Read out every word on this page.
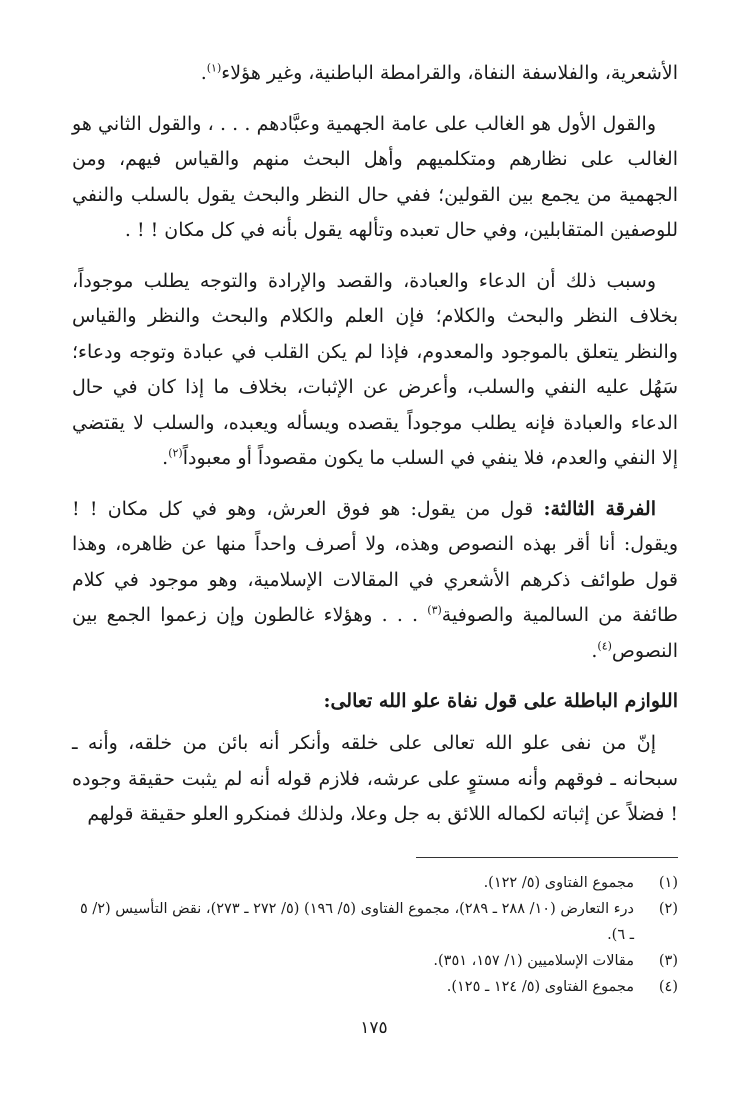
الأشعرية، والفلاسفة النفاة، والقرامطة الباطنية، وغير هؤلاء$^{(١)}$.

والقول الأول هو الغالب على عامة الجهمية وعبَّادهم . . . ، والقول الثاني هو الغالب على نظارهم ومتكلميهم وأهل البحث منهم والقياس فيهم، ومن الجهمية من يجمع بين القولين؛ ففي حال النظر والبحث يقول بالسلب والنفي للوصفين المتقابلين، وفي حال تعبده وتألهه يقول بأنه في كل مكان ! ! .

وسبب ذلك أن الدعاء والعبادة، والقصد والإرادة والتوجه يطلب موجوداً، بخلاف النظر والبحث والكلام؛ فإن العلم والكلام والبحث والنظر والقياس والنظر يتعلق بالموجود والمعدوم، فإذا لم يكن القلب في عبادة وتوجه ودعاء؛ سَهُل عليه النفي والسلب، وأعرض عن الإثبات، بخلاف ما إذا كان في حال الدعاء والعبادة فإنه يطلب موجوداً يقصده ويسأله ويعبده، والسلب لا يقتضي إلا النفي والعدم، فلا ينفي في السلب ما يكون مقصوداً أو معبوداً$^{(٢)}$.

الفرقة الثالثة: قول من يقول: هو فوق العرش، وهو في كل مكان ! ! ويقول: أنا أقر بهذه النصوص وهذه، ولا أصرف واحداً منها عن ظاهره، وهذا قول طوائف ذكرهم الأشعري في المقالات الإسلامية، وهو موجود في كلام طائفة من السالمية والصوفية$^{(٣)}$ . . . وهؤلاء غالطون وإن زعموا الجمع بين النصوص$^{(٤)}$.

اللوازم الباطلة على قول نفاة علو الله تعالى:

إنّ من نفى علو الله تعالى على خلقه وأنكر أنه بائن من خلقه، وأنه ـ سبحانه ـ فوقهم وأنه مستوٍ على عرشه، فلازم قوله أنه لم يثبت حقيقة وجوده ! فضلاً عن إثباته لكماله اللائق به جل وعلا، ولذلك فمنكرو العلو حقيقة قولهم

(١)
مجموع الفتاوى (٥/ ١٢٢).
(٢)
درء التعارض (١٠/ ٢٨٨ ـ ٢٨٩)، مجموع الفتاوى (٥/ ١٩٦) (٥/ ٢٧٢ ـ ٢٧٣)، نقض التأسيس (٢/ ٥ ـ ٦).
(٣)
مقالات الإسلاميين (١/ ١٥٧، ٣٥١).
(٤)
مجموع الفتاوى (٥/ ١٢٤ ـ ١٢٥).
١٧٥
